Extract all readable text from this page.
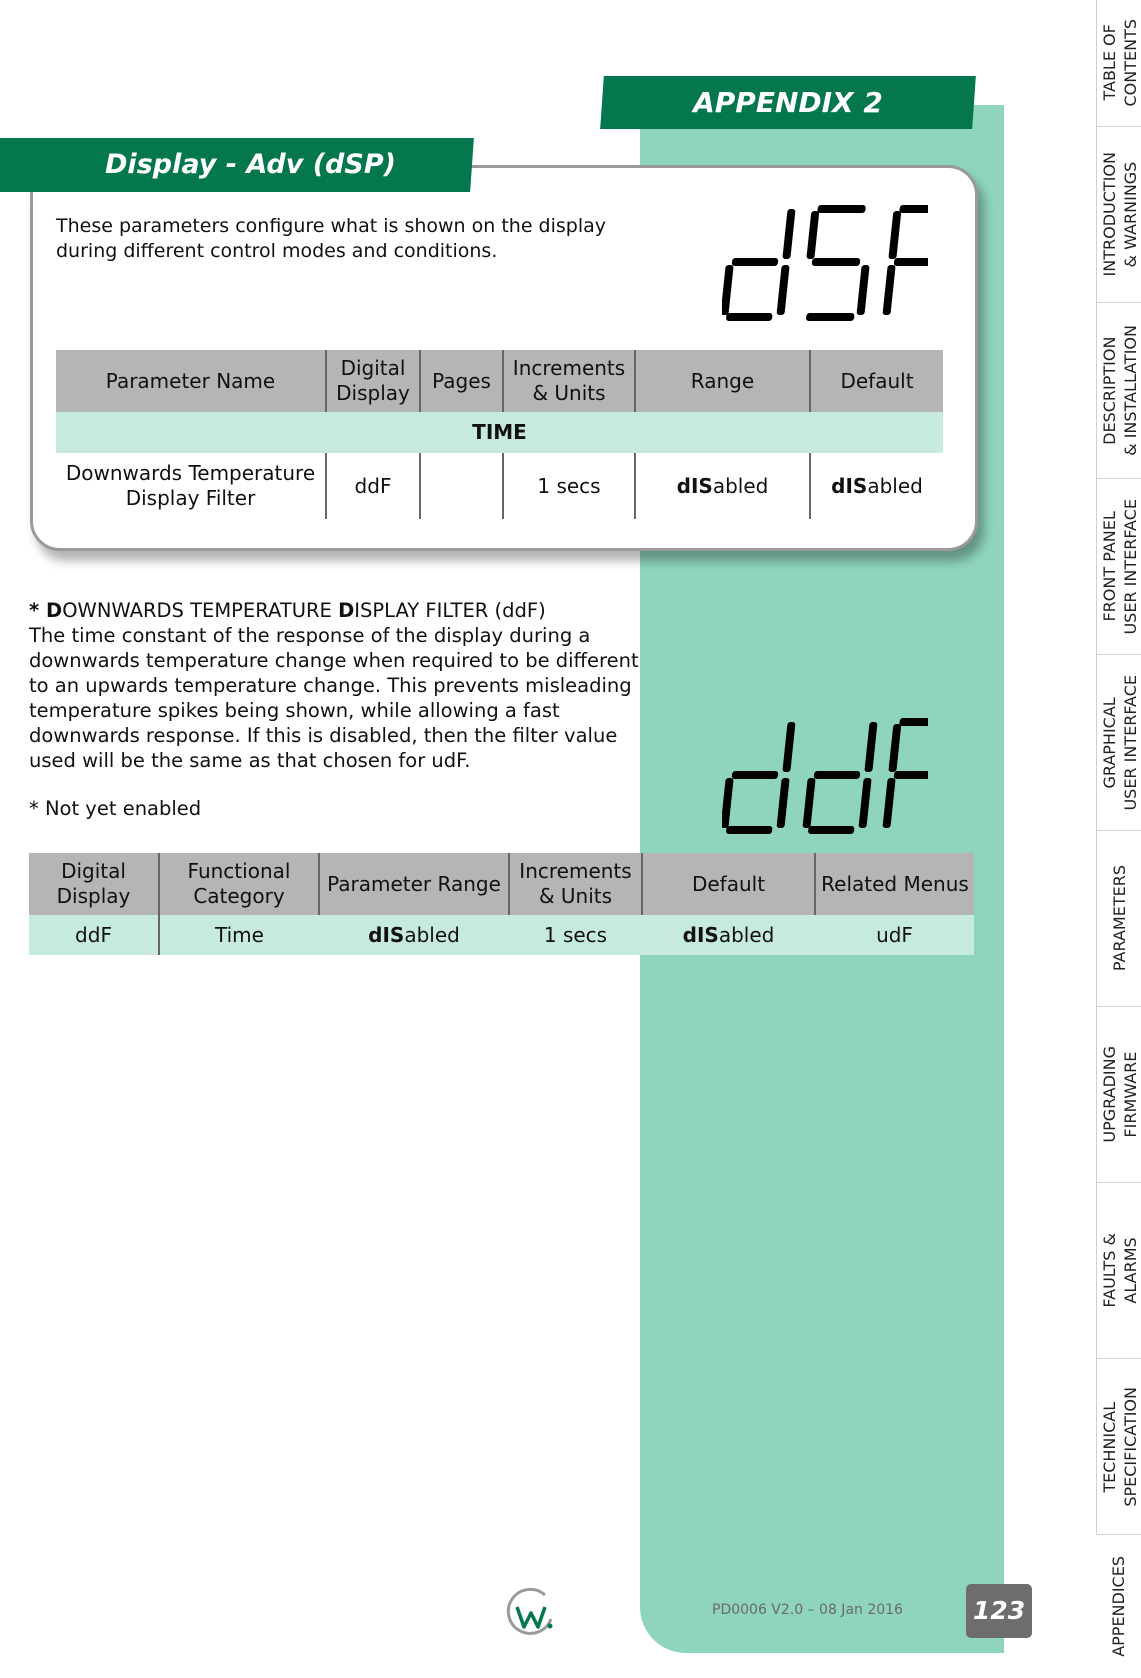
APPENDIX 2
Display - Adv (dSP)
These parameters configure what is shown on the display during different control modes and conditions.
Parameter Name	Digital Display	Pages	Increments & Units	Range	Default
TIME					
Downwards Temperature Display Filter	ddF		1 secs	dISabled	dISabled
* DOWNWARDS TEMPERATURE DISPLAY FILTER (ddF)
The time constant of the response of the display during a downwards temperature change when required to be different to an upwards temperature change. This prevents misleading temperature spikes being shown, while allowing a fast downwards response. If this is disabled, then the filter value used will be the same as that chosen for udF.
* Not yet enabled
Digital Display	Functional Category	Parameter Range	Increments & Units	Default	Related Menus
ddF	Time	dISabled	1 secs	dISabled	udF
TABLE OF
CONTENTS
INTRODUCTION
& WARNINGS
DESCRIPTION
& INSTALLATION
FRONT PANEL
USER INTERFACE
GRAPHICAL
USER INTERFACE
PARAMETERS
UPGRADING
FIRMWARE
FAULTS &
ALARMS
TECHNICAL
SPECIFICATION
APPENDICES
PD0006 V2.0 – 08 Jan 2016	123
